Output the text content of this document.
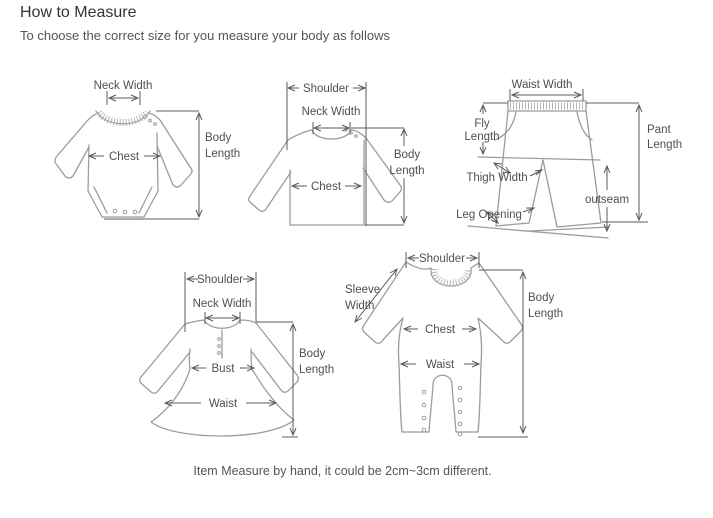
How to Measure

To choose the correct size for you measure your body as follows

Neck Width
Chest
Body
Length
Shoulder
Neck Width
Chest
Body
Length
Waist Width
Fly
Length
Thigh Width
Leg Opening
outseam
Pant
Length
Shoulder
Neck Width
Bust
Waist
Body
Length
Shoulder
Sleeve
Width
Chest
Waist
Body
Length

Item Measure by hand, it could be 2cm~3cm different.
